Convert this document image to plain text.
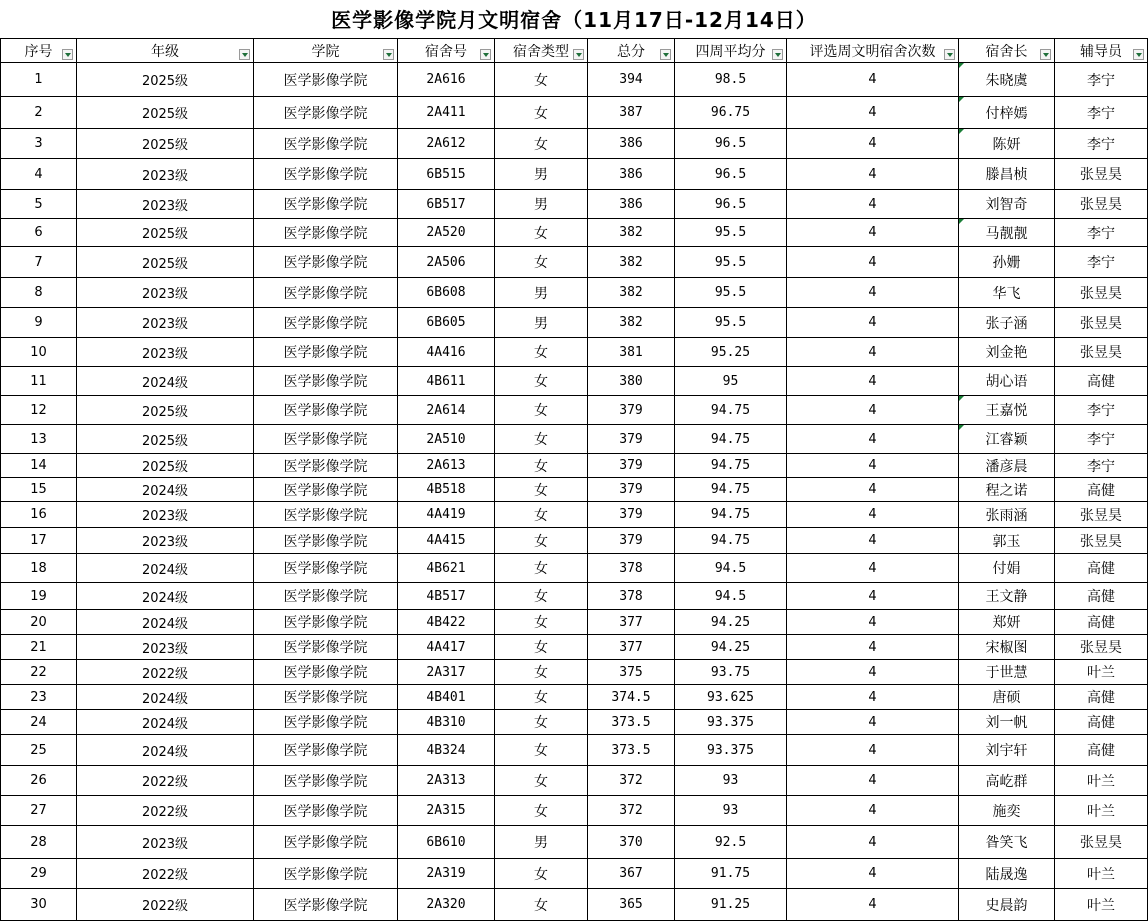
医学影像学院月文明宿舍（11月17日-12月14日）
序号	年级	学院	宿舍号	宿舍类型	总分	四周平均分	评选周文明宿舍次数	宿舍长	辅导员

1	2025级	医学影像学院	2A616	女	394	98.5	4	朱晓虞	李宁
2	2025级	医学影像学院	2A411	女	387	96.75	4	付梓嫣	李宁
3	2025级	医学影像学院	2A612	女	386	96.5	4	陈妍	李宁
4	2023级	医学影像学院	6B515	男	386	96.5	4	滕昌桢	张昱昊
5	2023级	医学影像学院	6B517	男	386	96.5	4	刘智奇	张昱昊
6	2025级	医学影像学院	2A520	女	382	95.5	4	马靓靓	李宁
7	2025级	医学影像学院	2A506	女	382	95.5	4	孙姗	李宁
8	2023级	医学影像学院	6B608	男	382	95.5	4	华飞	张昱昊
9	2023级	医学影像学院	6B605	男	382	95.5	4	张子涵	张昱昊
10	2023级	医学影像学院	4A416	女	381	95.25	4	刘金艳	张昱昊
11	2024级	医学影像学院	4B611	女	380	95	4	胡心语	高健
12	2025级	医学影像学院	2A614	女	379	94.75	4	王嘉悦	李宁
13	2025级	医学影像学院	2A510	女	379	94.75	4	江睿颖	李宁
14	2025级	医学影像学院	2A613	女	379	94.75	4	潘彦晨	李宁
15	2024级	医学影像学院	4B518	女	379	94.75	4	程之诺	高健
16	2023级	医学影像学院	4A419	女	379	94.75	4	张雨涵	张昱昊
17	2023级	医学影像学院	4A415	女	379	94.75	4	郭玉	张昱昊
18	2024级	医学影像学院	4B621	女	378	94.5	4	付娟	高健
19	2024级	医学影像学院	4B517	女	378	94.5	4	王文静	高健
20	2024级	医学影像学院	4B422	女	377	94.25	4	郑妍	高健
21	2023级	医学影像学院	4A417	女	377	94.25	4	宋椒图	张昱昊
22	2022级	医学影像学院	2A317	女	375	93.75	4	于世慧	叶兰
23	2024级	医学影像学院	4B401	女	374.5	93.625	4	唐硕	高健
24	2024级	医学影像学院	4B310	女	373.5	93.375	4	刘一帆	高健
25	2024级	医学影像学院	4B324	女	373.5	93.375	4	刘宇轩	高健
26	2022级	医学影像学院	2A313	女	372	93	4	高屹群	叶兰
27	2022级	医学影像学院	2A315	女	372	93	4	施奕	叶兰
28	2023级	医学影像学院	6B610	男	370	92.5	4	昝笑飞	张昱昊
29	2022级	医学影像学院	2A319	女	367	91.75	4	陆晟逸	叶兰
30	2022级	医学影像学院	2A320	女	365	91.25	4	史晨韵	叶兰
